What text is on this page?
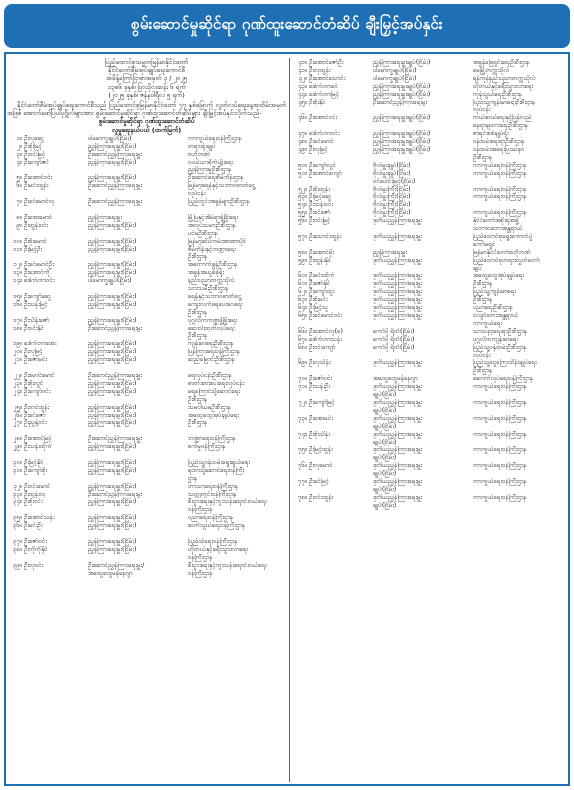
စွမ်းဆောင်မှုဆိုင်ရာ ဂုဏ်ထူးဆောင်တံဆိပ် ချီးမြှင့်အပ်နှင်း
ပြည်ထောင်စုသမ္မတမြန်မာနိုင်ငံတော်
နိုင်ငံတော်စီမံအုပ်ချုပ်ရေးကောင်စီ
အမိန့်ကြော်ငြာစာအမှတ် ၃ / ၂၀၂၅
၁၃၈၆ ခုနှစ်၊ ပြာသိုလဆန်း ၆ ရက်
(၂၀၂၅ ခုနှစ်၊ ဇန်နဝါရီလ ၅ ရက်)
နိုင်ငံတော်စီမံအုပ်ချုပ်ရေးကောင်စီသည် ပြည်ထောင်စုမြန်မာနိုင်ငံတော် ၇၇ နှစ်မြောက် လွတ်လပ်ရေးနေ့အထိမ်းအမှတ်အဖြစ် အောက်ဖော်ပြပါပုဂ္ဂိုလ်များအား စွမ်းဆောင်မှုဆိုင်ရာ ဂုဏ်ထူးဆောင်တံဆိပ်များ ချီးမြှင့်အပ်နှင်းလိုက်သည်-
စွမ်းဆောင်မှုဆိုင်ရာ ဂုဏ်ထူးဆောင်တံဆိပ်
လူမှုရေးနယ်ပယ် (ထက်မြက်)
၁။ ဦးလှဆွေ	ပါမောက္ခချုပ်(ငြိမ်း)	ကာကွယ်ရေးဝန်ကြီးဌာန
၂။ ဦးစိုးမြင့်	ညွှန်ကြားရေးမှူး(ငြိမ်း)	တရားရုံးချုပ်
၃။ ဦးဝင်းမြင့်	ဦးဆောင်ညွှန်ကြားရေးမှူး	ဗဟိုဘဏ်
၄။ ဦးကျော်ဇင်	ညွှန်ကြားရေးမှူး(ငြိမ်း)	လယ်ယာစိုက်ပျိုးရေး
ညွှန်ကြားမှုဦးစီးဌာန
၅။ ဦးအောင်ဝင်း	ညွှန်ကြားရေးမှူး(ငြိမ်း)	ဦးဆောင်ရေးစီမံကိန်းဌာန
၆။ ဦးမင်းထွန်း	ဦးဆောင်ညွှန်ကြားရေးမှူး	မြန်မာ့ရေနံနှင့်သဘာဝဓာတ်ငွေ့
လုပ်ငန်း
၇။ ဦးခင်မောင်လှ	ဦးဆောင်ညွှန်ကြားရေးမှူး	ပြည်တွင်းအခွန်များဦးစီးဌာန
၈။ ဦးအေးမောင်	ညွှန်ကြားရေးမှူး	မြို့ပြနှင့်အိမ်ရာဖွံ့ဖြိုးရေး
၉။ ဦးထွန်းဝင်း	ညွှန်ကြားရေးမှူး(ငြိမ်း)	အလုပ်သမားဦးစီးဌာန
ပင်မဦးစီးဌာန
၁၀။ ဦးစိုးမောင်	ညွှန်ကြားရေးမှူး(ငြိမ်း)	မြန်မာ့ဆိပ်ကမ်းအာဏာပိုင်
၁၁။ ဦးမြင့်ဦး	ညွှန်ကြားရေးမှူး(ငြိမ်း)	စီမံကိန်းနှင့်ဘဏ္ဍာရေး
ဦးစီးဌာန
၁၂။ ဦးခင်မောင်ဦး	ညွှန်ကြားရေးမှူး(ငြိမ်း)	အကောက်ခွန်ဦးစီးဌာန
၁၃။ ဦးအောင်ကို	ညွှန်ကြားရေးမှူး(ငြိမ်း)	အခွန်အယူခံခုံရုံး
၁၄။ ဒေါက်တာဝင်း	ပါမောက္ခချုပ်(ငြိမ်း)	နည်းပညာတက္ကသိုလ်
သားသမီးဦးစီးဌာန
၁၅။ ဦးကျော်ဆွေ	ညွှန်ကြားရေးမှူး(ငြိမ်း)	ရေနံနှင့်သဘာဝဓာတ်ငွေ့
၁၆။ ဦးသန်းမြင့်	ညွှန်ကြားရေးမှူး(ငြိမ်း)	ကျေးလက်ရေပေးဝေရေး
ဦးစီးဌာန
၁၇။ ဦးသိန်းဇော်	ညွှန်ကြားရေးမှူး(ငြိမ်း)	ပုဂ္ဂလိကကဏ္ဍဖွံ့ဖြိုးရေး
၁၈။ ဦးဝင်းနိုင်	ဦးဆောင်ညွှန်ကြားရေးမှူး	ဆေးဝါးထုတ်လုပ်ရေး
ဦးစီးဌာန
၁၉။ ဒေါက်တာအေး	ညွှန်ကြားရေးမှူး(ငြိမ်း)	ကျန်းမာရေးဦးစီးဌာန
၂၀။ ဦးလှမြင့်	ညွှန်ကြားရေးမှူး(ငြိမ်း)	ပြန်ကြားရေးဝန်ကြီးဌာန
၂၁။ ဦးဇော်မင်း	ညွှန်ကြားရေးမှူး(ငြိမ်း)	ဆည်မြောင်းဦးစီးဌာန
၂၂။ ဦးမောင်မောင်	ဦးဆောင်ညွှန်ကြားရေးမှူး	ရေလုပ်ငန်းဦးစီးဌာန
၂၃။ ဦးစိုးလွင်	ညွှန်ကြားရေးမှူး(ငြိမ်း)	ဓာတ်အားပေးရေးလုပ်ငန်း
၂၄။ ဦးကျော်ဝင်း	ညွှန်ကြားရေးမှူး(ငြိမ်း)	ရေကြောင်းပို့ဆောင်ရေး
ဦးစီးဌာန
၂၅။ ဦးတင်ထွန်း	ညွှန်ကြားရေးမှူး(ငြိမ်း)	သမဝါယမဦးစီးဌာန
၂၆။ ဦးခင်ဇော်	ညွှန်ကြားရေးမှူး(ငြိမ်း)	အထွေထွေအုပ်ချုပ်ရေး
၂၇။ ဦးညွန့်ဝင်း	ညွှန်ကြားရေးမှူး(ငြိမ်း)	ဦးစီးဌာန
၂၈။ ဦးအောင်မြင့်	ဦးဆောင်ညွှန်ကြားရေးမှူး	ဘဏ္ဍာရေးဝန်ကြီးဌာန
၂၉။ ဦးသန်းထိုက်	ညွှန်ကြားရေးမှူး(ငြိမ်း)	စက်မှုဝန်ကြီးဌာန
၃၀။ ဦးမြင့်နိုင်	ညွှန်ကြားရေးမှူး(ငြိမ်း)	ပြည်သူ့ဝန်ထမ်းရွေးချယ်ရေး
၃၁။ ဦးကျော်စိုး	ညွှန်ကြားရေးမှူး(ငြိမ်း)	ရထားပို့ဆောင်ရေးဝန်ကြီး
ဌာန
၃၂။ ဦးဝင်းမောင်	ညွှန်ကြားရေးမှူး(ငြိမ်း)	ဘာသာရေးဝန်ကြီးဌာန
၃၃။ ဦးထွန်းလှ	ဦးဆောင်ညွှန်ကြားရေးမှူး	သတ္တုတွင်းဝန်ကြီးဌာန
၃၄။ ဦးစိုးဝင်း	ညွှန်ကြားရေးမှူး(ငြိမ်း)	စီးပွားရေးနှင့်ကူးသန်းရောင်းဝယ်ရေး
ဝန်ကြီးဌာန
၃၅။ ဦးအောင်သန်း	ညွှန်ကြားရေးမှူး(ငြိမ်း)	ပညာရေးဝန်ကြီးဌာန
၃၆။ ဦးမင်းဦး	ညွှန်ကြားရေးမှူး(ငြိမ်း)	ဆက်သွယ်ရေးဝန်ကြီးဌာန
၃၇။ ဦးဇော်ဝင်း	ညွှန်ကြားရေးမှူး(ငြိမ်း)	ပြည်ထဲရေးဝန်ကြီးဌာန
၃၈။ ဦးကိုကိုနိုင်	ညွှန်ကြားရေးမှူး(ငြိမ်း)	ဟိုတယ်နှင့်ခရီးသွားလာရေး
ဝန်ကြီးဌာန
၃၉။ ဦးလှဝင်း	ဦးဆောင်ညွှန်ကြားရေးမှူး/	စီးပွားရေးနှင့်ကူးသန်းရောင်းဝယ်ရေး
အထွေထွေမန်နေဂျာ	ဝန်ကြီးဌာန
၄၀။ ဦးအောင်ဇော်ဦး	ညွှန်ကြားရေးမှူးချုပ်(ငြိမ်း)	အခွန်ဖြေရှင်းရေးဦးစီးဌာန
၄၁။ ဦးလှထွန်း	ပါမောက္ခချုပ်(ငြိမ်း)	မေမြို့တက္ကသိုလ်
၄၂။ ဦးအောင်သောင်း	ပါမောက္ခချုပ်(ငြိမ်း)	ရန်ကုန်နည်းပညာတက္ကသိုလ်
၄၃။ ဒေါက်တာခင်	ညွှန်ကြားရေးမှူးချုပ်(ငြိမ်း)	ဟိုတယ်နှင့်ခရီးသွားလာရေး
၄၄။ ဒေါက်တာမြင့်	ညွှန်ကြားရေးမှူးချုပ်(ငြိမ်း)	ကုန်သွယ်ရေးဦးစီးဌာန
၄၅။ ဦးစိုးနိုင်	ဦးဆောင်ညွှန်ကြားရေးမှူး	ပြည်သူ့ကျန်းမာရေးဦးစီးဌာန
လုပ်ငန်း
၄၆။ ဦးအောင်ဝင်း	ညွှန်ကြားရေးမှူးချုပ်(ငြိမ်း)	ကယ်ဆယ်ရေးနှင့်ပြန်လည်
နေရာချထားရေးဦးစီးဌာန
၄၇။ ဒေါက်တာဝင်း	ညွှန်ကြားရေးမှူးချုပ်(ငြိမ်း)	စာရင်းစစ်ချုပ်ရုံး
၄၈။ ဦးခင်မောင်	ညွှန်ကြားရေးမှူးချုပ်(ငြိမ်း)	ဝန်ထမ်းရေးရာဦးစီးဌာန
၄၉။ ဦးလှမြင့်	ညွှန်ကြားရေးမှူးချုပ်(ငြိမ်း)	ဝန်ထမ်းအရေးပြဿနာ
ဦးစီးဌာန
၅၀။ ဦးကျော်လွင်	ဗိုလ်မှူးချုပ်(ငြိမ်း)	ကာကွယ်ရေးဝန်ကြီးဌာန
၅၁။ ဦးအောင်ကျော်	ဗိုလ်မှူးချုပ်(ငြိမ်း)	ကာကွယ်ရေးဝန်ကြီးဌာန
ဝင်ပေါင်းမြင့်(ငြိမ်း)
၅၂။ ဦးစိုးထွန်း	ဗိုလ်မှူးကြီး(ငြိမ်း)	ကာကွယ်ရေးဝန်ကြီးဌာန
၅၃။ ဦးမြင့်ဆွေ	ဗိုလ်မှူးကြီး(ငြိမ်း)	ကာကွယ်ရေးဝန်ကြီးဌာန
၅၄။ ဦးသန်းဝင်း	ဗိုလ်မှူးကြီး(ငြိမ်း)
၅၅။ ဦးခင်ဇော်	ဗိုလ်မှူးကြီး(ငြိမ်း)	ကာကွယ်ရေးဝန်ကြီးဌာန
၅၆။ ဦးဝင်းမြင့်	ဒုတိယညွှန်ကြားရေးမှူး	နိုင်ငံတော်အစိုးရအဖွဲ့
သဘာဝဘေးအန္တရာယ်
၅၇။ ဦးသောင်းထွန်း	ဒုတိယညွှန်ကြားရေးမှူး	ပြည်ထောင်စုရွေးကောက်ပွဲ
ကော်မရှင်
၅၈။ ဦးအောင်မိုး	ညွှန်ကြားရေးမှူး	မြန်မာနိုင်ငံတော်ဗဟိုဘဏ်
၅၉။ ဦးထွန်းနိုင်	ဒုတိယညွှန်ကြားရေးမှူး	ပြည်ထောင်စုတရားလွှတ်တော်
ချုပ်
၆၀။ ဦးမင်းထိုက်	ဒုတိယညွှန်ကြားရေးမှူး	အထွေထွေအုပ်ချုပ်ရေး
၆၁။ ဦးဇော်နိုင်	ဒုတိယညွှန်ကြားရေးမှူး	ဦးစီးဌာန
၆၂။ ဦးကျော်ထူး	ဒုတိယညွှန်ကြားရေးမှူး	ပြည်သူ့ကျန်းမာရေး
၆၃။ ဦးစိုးမင်း	ဒုတိယညွှန်ကြားရေးမှူး	ဦးစီးဌာန
၆၄။ ဦးမြင့်သူ	ဒုတိယညွှန်ကြားရေးမှူး	ပညာရေးဦးစီးဌာန
၆၅။ ဦးခင်မောင်ဝင်း	ဒုတိယညွှန်ကြားရေးမှူး	ငလျင်ဘေးအန္တရာယ်
ကာကွယ်ရေး
၆၆။ ဦးအောင်လှ(ခ)	ကော်ပို ရိတ်(ငြိမ်း)	သာသနာ့ရေးရာဦးစီးဌာန
၆၇။ ဒေါက်တာသန်း	ကော်ပို ရိတ်(ငြိမ်း)	ပုဂ္ဂလိကကျန်းမာရေး
၆၈။ ဦးဝင်းကျော်	ကော်ပို ရိတ်(ငြိမ်း)	ပြည်သူ့ဝန်ထမ်းဦးစီးဌာန
လုပ်ငန်း
၆၉။ ဦးလှသိန်း	ဒုတိယညွှန်ကြားရေးမှူး	ပြည်သူ့ငွေကြေးထိန်းချုပ်ရေး
ဦးစီးဌာန
၇၀။ ဦးဇော်ဝင်း	အထွေထွေမန်နေဂျာ	ဆောက်လုပ်ရေးဝန်ကြီးဌာန
၇၁။ ဦးသန်းဦး	ဒုတိယညွှန်ကြားရေးမှူး	ကာကွယ်ရေးဝန်ကြီးဌာန
ချုပ်(ငြိမ်း)
၇၂။ ဦးကျော်မြင့်	ဒုတိယညွှန်ကြားရေးမှူး	ကာကွယ်ရေးဝန်ကြီးဌာန
ချုပ်(ငြိမ်း)
၇၃။ ဦးအေးမင်း	ဒုတိယညွှန်ကြားရေးမှူး	ကာကွယ်ရေးဝန်ကြီးဌာန
ချုပ်(ငြိမ်း)
၇၄။ ဦးစိုးသိန်း	ဒုတိယညွှန်ကြားရေးမှူး	ကာကွယ်ရေးဝန်ကြီးဌာန
ချုပ်(ငြိမ်း)
၇၅။ ဦးမြင့်ထွန်း	ဒုတိယညွှန်ကြားရေးမှူး	ကာကွယ်ရေးဝန်ကြီးဌာန
ချုပ်(ငြိမ်း)
၇၆။ ဦးလှမောင်	ဒုတိယညွှန်ကြားရေးမှူး	ကာကွယ်ရေးဝန်ကြီးဌာန
ချုပ်(ငြိမ်း)
၇၇။ ဦးခင်မြင့်	ဒုတိယညွှန်ကြားရေးမှူး	ကာကွယ်ရေးဝန်ကြီးဌာန
ချုပ်(ငြိမ်း)
၇၈။ ဦးဝင်းထွန်း	ဒုတိယညွှန်ကြားရေးမှူး	ကာကွယ်ရေးဝန်ကြီးဌာန
ချုပ်(ငြိမ်း)
